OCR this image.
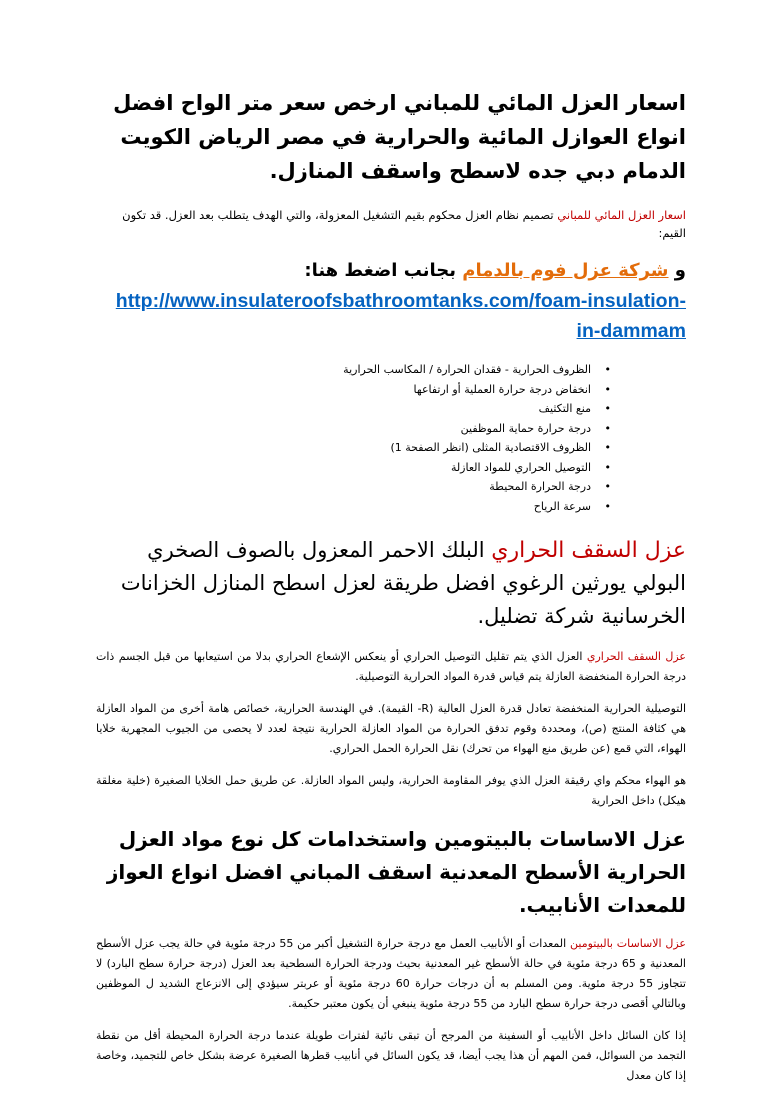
اسعار العزل المائي للمباني ارخص سعر متر الواح افضل انواع العوازل المائية والحرارية في مصر الرياض الكويت الدمام دبي جده لاسطح واسقف المنازل.

اسعار العزل المائي للمباني تصميم نظام العزل محكوم بقيم التشغيل المعزولة، والتي الهدف يتطلب بعد العزل. قد تكون القيم:

و شركة عزل فوم بالدمام بجانب اضغط هنا:

http://www.insulateroofsbathroomtanks.com/foam-insulation-in-dammam
•
الظروف الحرارية - فقدان الحرارة / المكاسب الحرارية
•
انخفاض درجة حرارة العملية أو ارتفاعها
•
منع التكثيف
•
درجة حرارة حماية الموظفين
•
الظروف الاقتصادية المثلى (انظر الصفحة 1)
•
التوصيل الحراري للمواد العازلة
•
درجة الحرارة المحيطة
•
سرعة الرياح
عزل السقف الحراري البلك الاحمر المعزول بالصوف الصخري البولي يورثين الرغوي افضل طريقة لعزل اسطح المنازل الخزانات الخرسانية شركة تضليل.

عزل السقف الحراري العزل الذي يتم تقليل التوصيل الحراري أو ينعكس الإشعاع الحراري بدلا من استيعابها من قبل الجسم ذات درجة الحرارة المنخفضة العازلة يتم قياس قدرة المواد الحرارية التوصيلية.

التوصيلية الحرارية المنخفضة تعادل قدرة العزل العالية (R- القيمة). في الهندسة الحرارية، خصائص هامة أخرى من المواد العازلة هي كثافة المنتج (ص)، ومحددة وقوم تدفق الحرارة من المواد العازلة الحرارية نتيجة لعدد لا يحصى من الجيوب المجهرية خلايا الهواء، التي قمع (عن طريق منع الهواء من تحرك) نقل الحرارة الحمل الحراري.

هو الهواء محكم واي رقيقة العزل الذي يوفر المقاومة الحرارية، وليس المواد العازلة. عن طريق حمل الخلايا الصغيرة (خلية مغلقة هيكل) داخل الحرارية

عزل الاساسات بالبيتومين واستخدامات كل نوع مواد العزل الحرارية الأسطح المعدنية اسقف المباني افضل انواع العواز للمعدات الأنابيب.

عزل الاساسات بالبيتومين المعدات أو الأنابيب العمل مع درجة حرارة التشغيل أكبر من 55 درجة مئوية في حالة يجب عزل الأسطح المعدنية و 65 درجة مئوية في حالة الأسطح غير المعدنية بحيث ودرجة الحرارة السطحية بعد العزل (درجة حرارة سطح البارد) لا تتجاوز 55 درجة مئوية. ومن المسلم به أن درجات حرارة 60 درجة مئوية أو عربتر سيؤدي إلى الانزعاج الشديد ل الموظفين وبالتالي أقصى درجة حرارة سطح البارد من 55 درجة مئوية ينبغي أن يكون معتبر حكيمة.

إذا كان السائل داخل الأنابيب أو السفينة من المرجح أن تبقى نائية لفترات طويلة عندما درجة الحرارة المحيطة أقل من نقطة التجمد من السوائل، فمن المهم أن هذا يجب أيضا، قد يكون السائل في أنابيب قطرها الصغيرة عرضة بشكل خاص للتجميد، وخاصة إذا كان معدل
